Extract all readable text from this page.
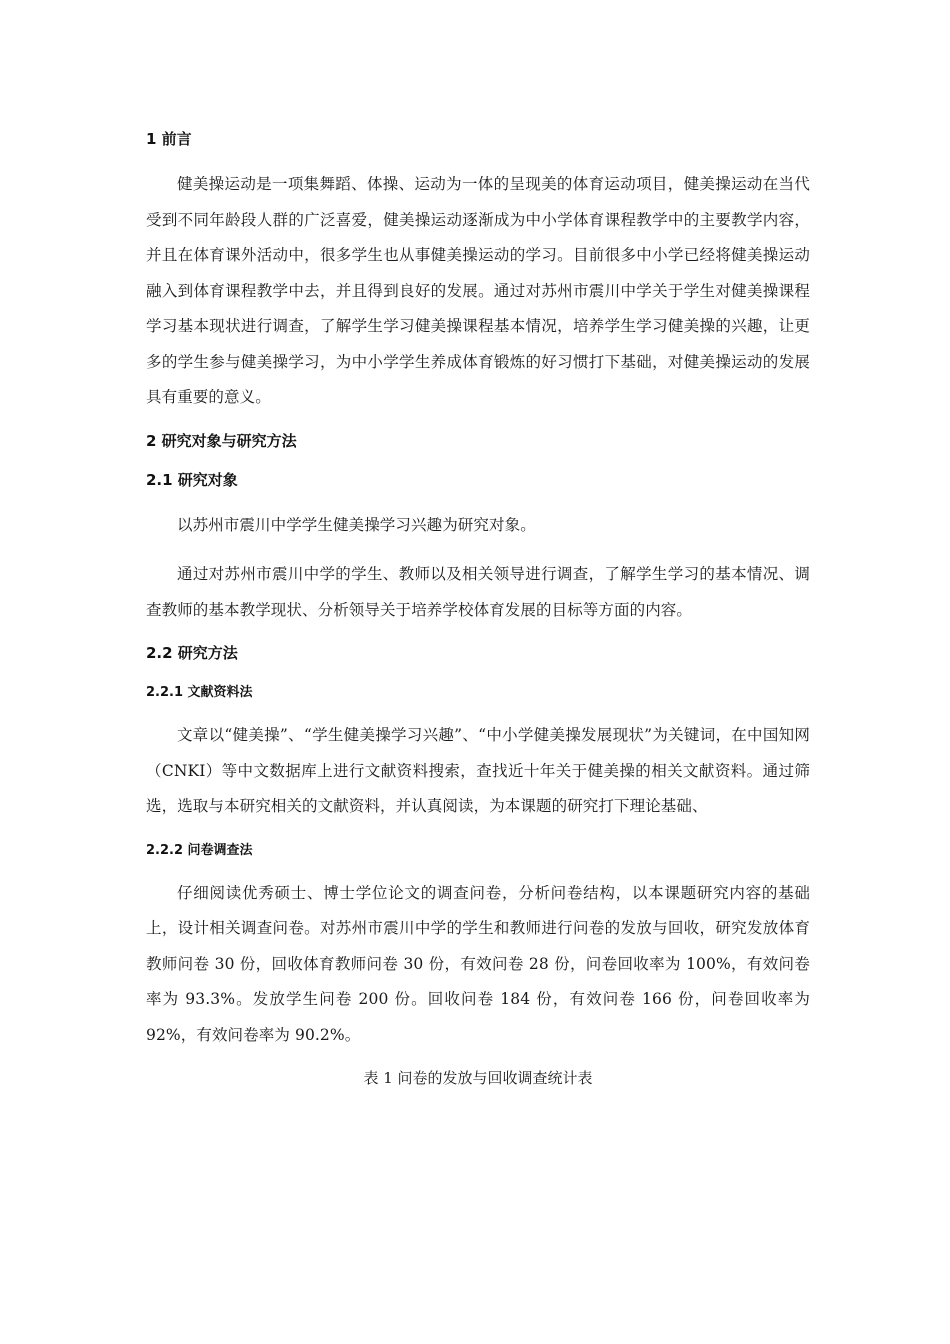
1 前言

健美操运动是一项集舞蹈、体操、运动为一体的呈现美的体育运动项目，健美操运动在当代受到不同年龄段人群的广泛喜爱，健美操运动逐渐成为中小学体育课程教学中的主要教学内容，并且在体育课外活动中，很多学生也从事健美操运动的学习。目前很多中小学已经将健美操运动融入到体育课程教学中去，并且得到良好的发展。通过对苏州市震川中学关于学生对健美操课程学习基本现状进行调查，了解学生学习健美操课程基本情况，培养学生学习健美操的兴趣，让更多的学生参与健美操学习，为中小学学生养成体育锻炼的好习惯打下基础，对健美操运动的发展具有重要的意义。

2 研究对象与研究方法
2.1 研究对象

以苏州市震川中学学生健美操学习兴趣为研究对象。

通过对苏州市震川中学的学生、教师以及相关领导进行调查，了解学生学习的基本情况、调查教师的基本教学现状、分析领导关于培养学校体育发展的目标等方面的内容。

2.2 研究方法
2.2.1 文献资料法

文章以“健美操”、“学生健美操学习兴趣”、“中小学健美操发展现状”为关键词，在中国知网（CNKI）等中文数据库上进行文献资料搜索，查找近十年关于健美操的相关文献资料。通过筛选，选取与本研究相关的文献资料，并认真阅读，为本课题的研究打下理论基础、

2.2.2 问卷调查法

仔细阅读优秀硕士、博士学位论文的调查问卷，分析问卷结构，以本课题研究内容的基础上，设计相关调查问卷。对苏州市震川中学的学生和教师进行问卷的发放与回收，研究发放体育教师问卷 30 份，回收体育教师问卷 30 份，有效问卷 28 份，问卷回收率为 100%，有效问卷率为 93.3%。发放学生问卷 200 份。回收问卷 184 份，有效问卷 166 份，问卷回收率为 92%，有效问卷率为 90.2%。

表 1 问卷的发放与回收调查统计表
